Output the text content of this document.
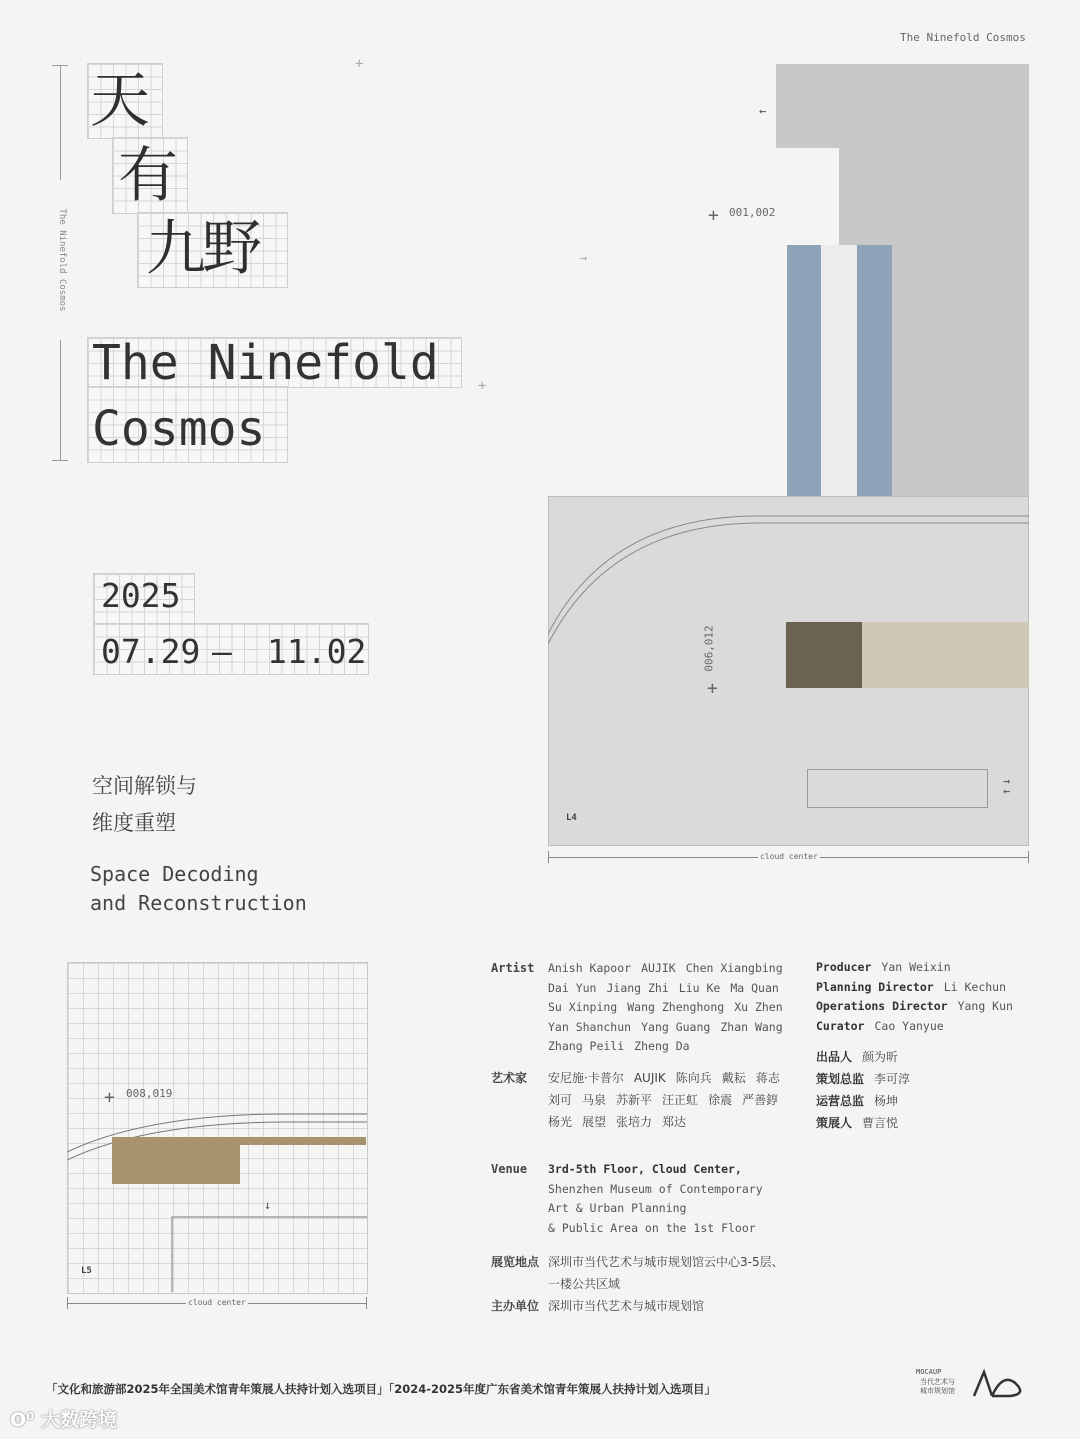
The Ninefold Cosmos
The Ninefold Cosmos
+
+
天
有
九野
The Ninefold
Cosmos
2025
07.29 — 11.02
空间解锁与
维度重塑
Space Decoding
and Reconstruction
←
→
+ 001,002
+
006,012
→
←
L4
cloud center
↓
+ 008,019
L5
cloud center
Artist Anish Kapoor AUJIK Chen Xiangbing
Dai Yun Jiang Zhi Liu Ke Ma Quan
Su Xinping Wang Zhenghong Xu Zhen
Yan Shanchun Yang Guang Zhan Wang
Zhang Peili Zheng Da
艺术家 安尼施·卡普尔 AUJIK 陈向兵 戴耘 蒋志
刘可 马泉 苏新平 汪正虹 徐震 严善錞
杨光 展望 张培力 郑达
Producer Yan Weixin
Planning Director Li Kechun
Operations Director Yang Kun
Curator Cao Yanyue
出品人 颜为昕
策划总监 李可淳
运营总监 杨坤
策展人 曹言悦
Venue 3rd-5th Floor, Cloud Center,
Shenzhen Museum of Contemporary
Art & Urban Planning
& Public Area on the 1st Floor
展览地点 深圳市当代艺术与城市规划馆云中心3-5层、
一楼公共区域
主办单位 深圳市当代艺术与城市规划馆
「文化和旅游部2025年全国美术馆青年策展人扶持计划入选项目」「2024-2025年度广东省美术馆青年策展人扶持计划入选项目」
MOCAUP
当代艺术与
城市规划馆
ʘ⁰ 大数跨境
